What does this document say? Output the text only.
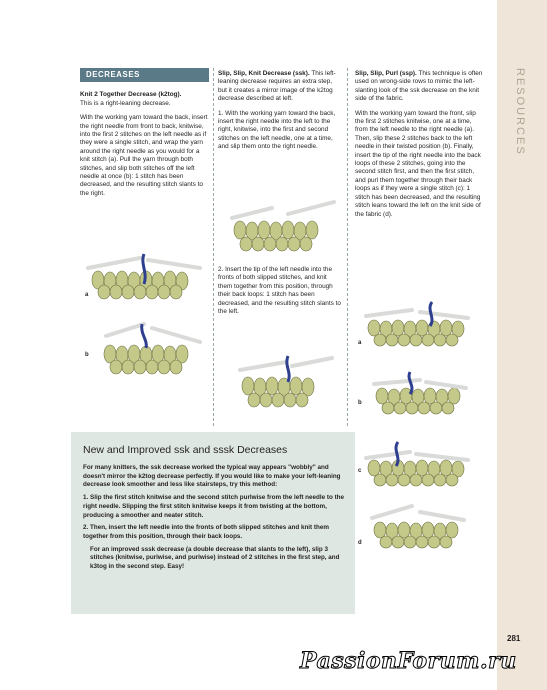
RESOURCES
DECREASES

Knit 2 Together Decrease (k2tog).
This is a right-leaning decrease.

With the working yarn toward the back, insert the right needle from front to back, knitwise, into the first 2 stitches on the left needle as if they were a single stitch, and wrap the yarn around the right needle as you would for a knit stitch (a). Pull the yarn through both stitches, and slip both stitches off the left needle at once (b): 1 stitch has been decreased, and the resulting stitch slants to the right.

a
b

Slip, Slip, Knit Decrease (ssk). This left-leaning decrease requires an extra step, but it creates a mirror image of the k2tog decrease described at left.

1. With the working yarn toward the back, insert the right needle into the left to the right, knitwise, into the first and second stitches on the left needle, one at a time, and slip them onto the right needle.

2. Insert the tip of the left needle into the fronts of both slipped stitches, and knit them together from this position, through their back loops: 1 stitch has been decreased, and the resulting stitch slants to the left.

Slip, Slip, Purl (ssp). This technique is often used on wrong-side rows to mimic the left-slanting look of the ssk decrease on the knit side of the fabric.

With the working yarn toward the front, slip the first 2 stitches knitwise, one at a time, from the left needle to the right needle (a). Then, slip these 2 stitches back to the left needle in their twisted position (b). Finally, insert the tip of the right needle into the back loops of these 2 stitches, going into the second stitch first, and then the first stitch, and purl them together through their back loops as if they were a single stitch (c): 1 stitch has been decreased, and the resulting stitch leans toward the left on the knit side of the fabric (d).

a
b
c
d
New and Improved ssk and sssk Decreases

For many knitters, the ssk decrease worked the typical way appears "wobbly" and doesn't mirror the k2tog decrease perfectly. If you would like to make your left-leaning decrease look smoother and less like stairsteps, try this method:

1. Slip the first stitch knitwise and the second stitch purlwise from the left needle to the right needle. Slipping the first stitch knitwise keeps it from twisting at the bottom, producing a smoother and neater stitch.

2. Then, insert the left needle into the fronts of both slipped stitches and knit them together from this position, through their back loops.

For an improved sssk decrease (a double decrease that slants to the left), slip 3 stitches (knitwise, purlwise, and purlwise) instead of 2 stitches in the first step, and k3tog in the second step. Easy!

281
PassionForum.ru
